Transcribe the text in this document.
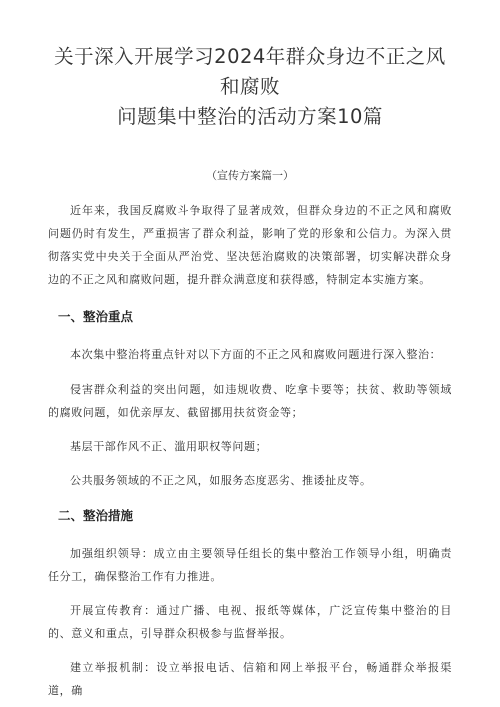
关于深入开展学习2024年群众身边不正之风和腐败
问题集中整治的活动方案10篇
（宣传方案篇一）

近年来，我国反腐败斗争取得了显著成效，但群众身边的不正之风和腐败问题仍时有发生，严重损害了群众利益，影响了党的形象和公信力。为深入贯彻落实党中央关于全面从严治党、坚决惩治腐败的决策部署，切实解决群众身边的不正之风和腐败问题，提升群众满意度和获得感，特制定本实施方案。

一、整治重点

本次集中整治将重点针对以下方面的不正之风和腐败问题进行深入整治：

侵害群众利益的突出问题，如违规收费、吃拿卡要等；扶贫、救助等领域的腐败问题，如优亲厚友、截留挪用扶贫资金等；

基层干部作风不正、滥用职权等问题；

公共服务领域的不正之风，如服务态度恶劣、推诿扯皮等。

二、整治措施

加强组织领导：成立由主要领导任组长的集中整治工作领导小组，明确责任分工，确保整治工作有力推进。

开展宣传教育：通过广播、电视、报纸等媒体，广泛宣传集中整治的目的、意义和重点，引导群众积极参与监督举报。

建立举报机制：设立举报电话、信箱和网上举报平台，畅通群众举报渠道，确
